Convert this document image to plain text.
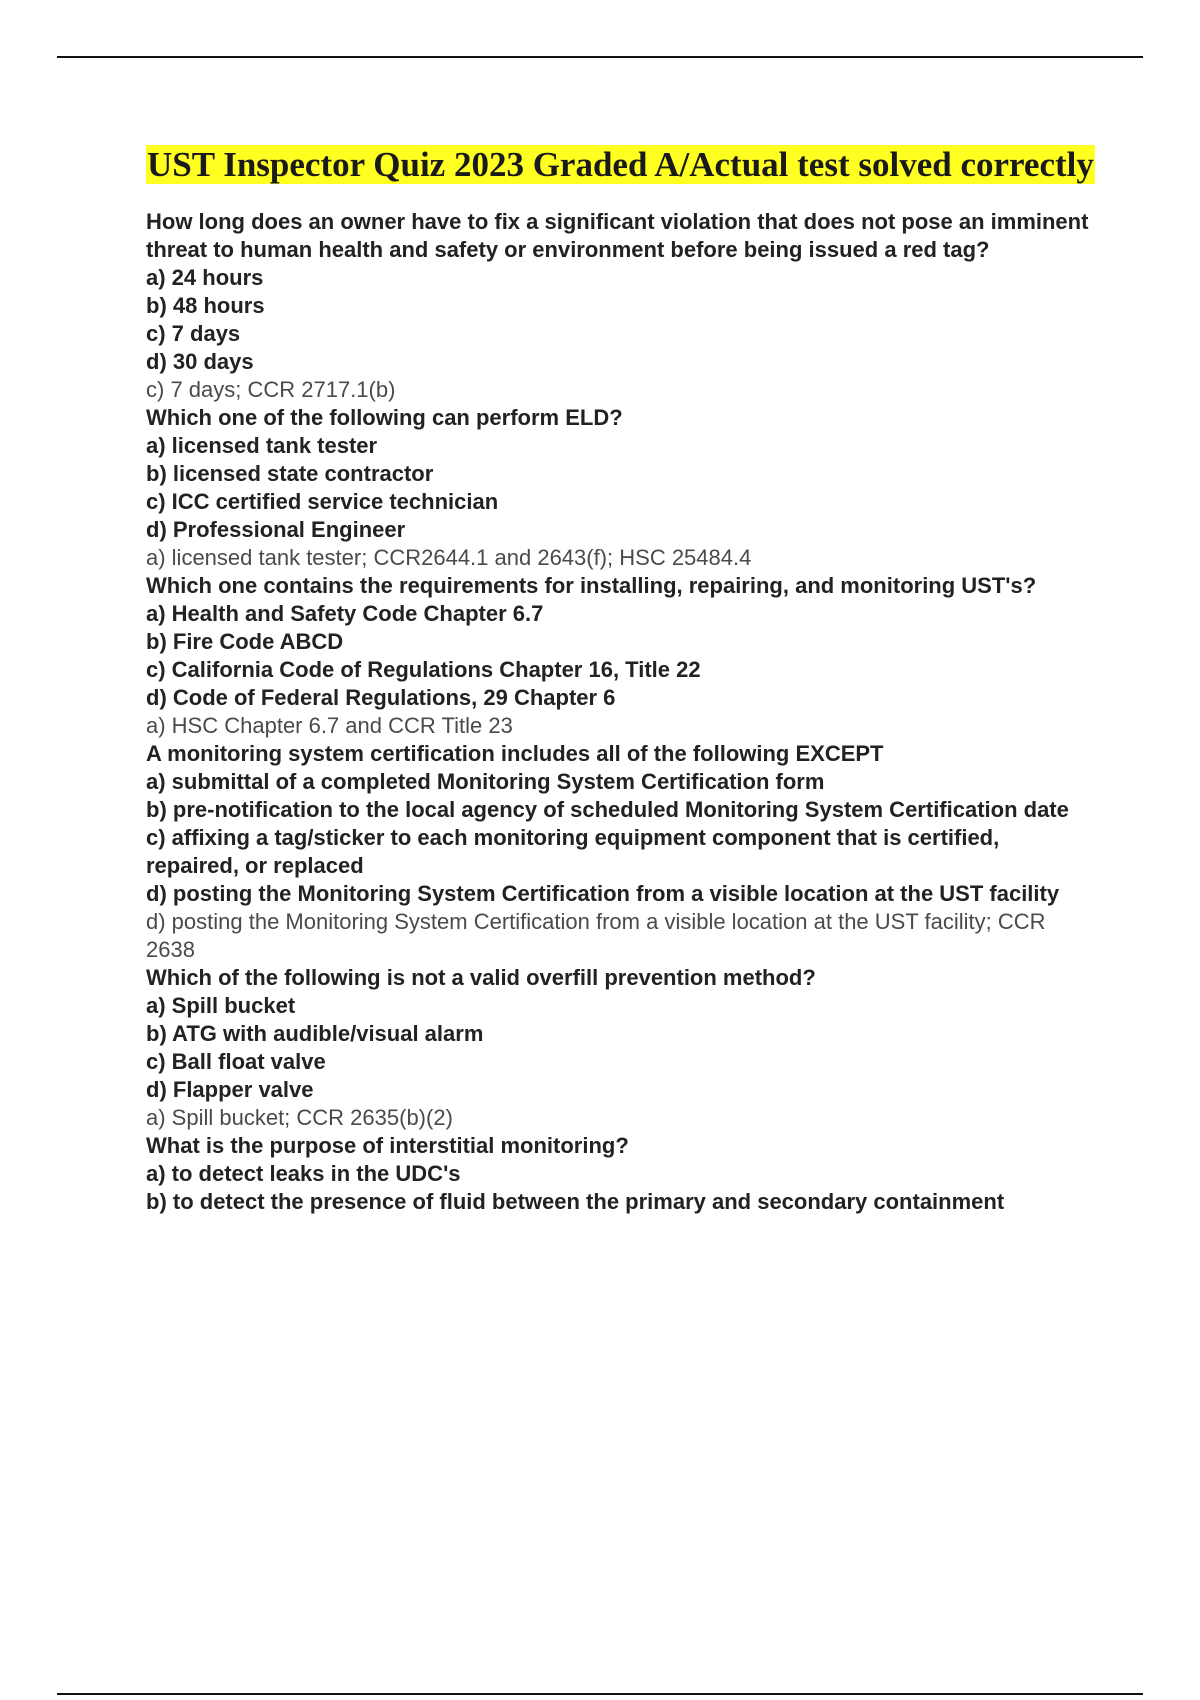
UST Inspector Quiz 2023 Graded A/Actual test solved correctly

How long does an owner have to fix a significant violation that does not pose an imminent threat to human health and safety or environment before being issued a red tag?

a) 24 hours
b) 48 hours
c) 7 days
d) 30 days

c) 7 days; CCR 2717.1(b)

Which one of the following can perform ELD?

a) licensed tank tester
b) licensed state contractor
c) ICC certified service technician
d) Professional Engineer

a) licensed tank tester; CCR2644.1 and 2643(f); HSC 25484.4

Which one contains the requirements for installing, repairing, and monitoring UST's?

a) Health and Safety Code Chapter 6.7
b) Fire Code ABCD
c) California Code of Regulations Chapter 16, Title 22
d) Code of Federal Regulations, 29 Chapter 6

a) HSC Chapter 6.7 and CCR Title 23

A monitoring system certification includes all of the following EXCEPT

a) submittal of a completed Monitoring System Certification form
b) pre-notification to the local agency of scheduled Monitoring System Certification date
c) affixing a tag/sticker to each monitoring equipment component that is certified, repaired, or replaced
d) posting the Monitoring System Certification from a visible location at the UST facility

d) posting the Monitoring System Certification from a visible location at the UST facility; CCR 2638

Which of the following is not a valid overfill prevention method?

a) Spill bucket
b) ATG with audible/visual alarm
c) Ball float valve
d) Flapper valve

a) Spill bucket; CCR 2635(b)(2)

What is the purpose of interstitial monitoring?

a) to detect leaks in the UDC's
b) to detect the presence of fluid between the primary and secondary containment
